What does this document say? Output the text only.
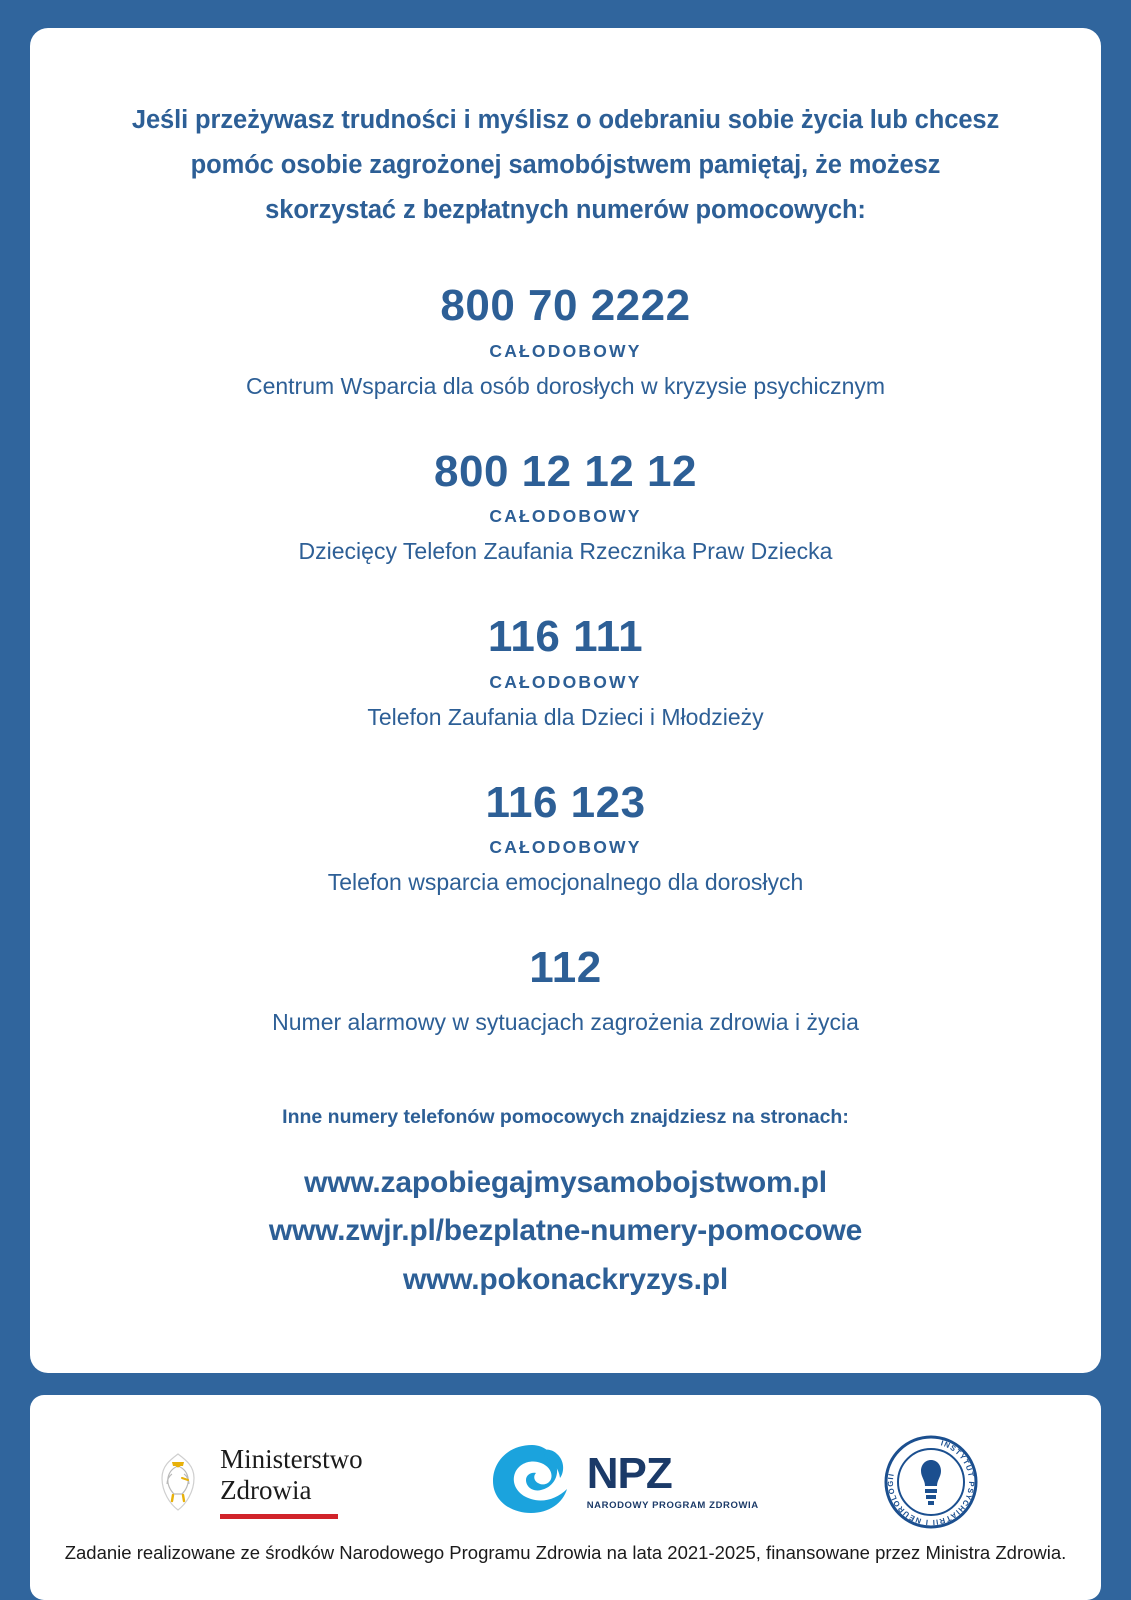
Jeśli przeżywasz trudności i myślisz o odebraniu sobie życia lub chcesz pomóc osobie zagrożonej samobójstwem pamiętaj, że możesz skorzystać z bezpłatnych numerów pomocowych:
800 70 2222
CAŁODOBOWY
Centrum Wsparcia dla osób dorosłych w kryzysie psychicznym
800 12 12 12
CAŁODOBOWY
Dziecięcy Telefon Zaufania Rzecznika Praw Dziecka
116 111
CAŁODOBOWY
Telefon Zaufania dla Dzieci i Młodzieży
116 123
CAŁODOBOWY
Telefon wsparcia emocjonalnego dla dorosłych
112
Numer alarmowy w sytuacjach zagrożenia zdrowia i życia
Inne numery telefonów pomocowych znajdziesz na stronach:
www.zapobiegajmysamobojstwom.pl
www.zwjr.pl/bezplatne-numery-pomocowe
www.pokonackryzys.pl
Ministerstwo
Zdrowia	NPZ
NARODOWY PROGRAM ZDROWIA
INSTYTUT PSYCHIATRII I NEUROLOGII
Zadanie realizowane ze środków Narodowego Programu Zdrowia na lata 2021-2025, finansowane przez Ministra Zdrowia.
